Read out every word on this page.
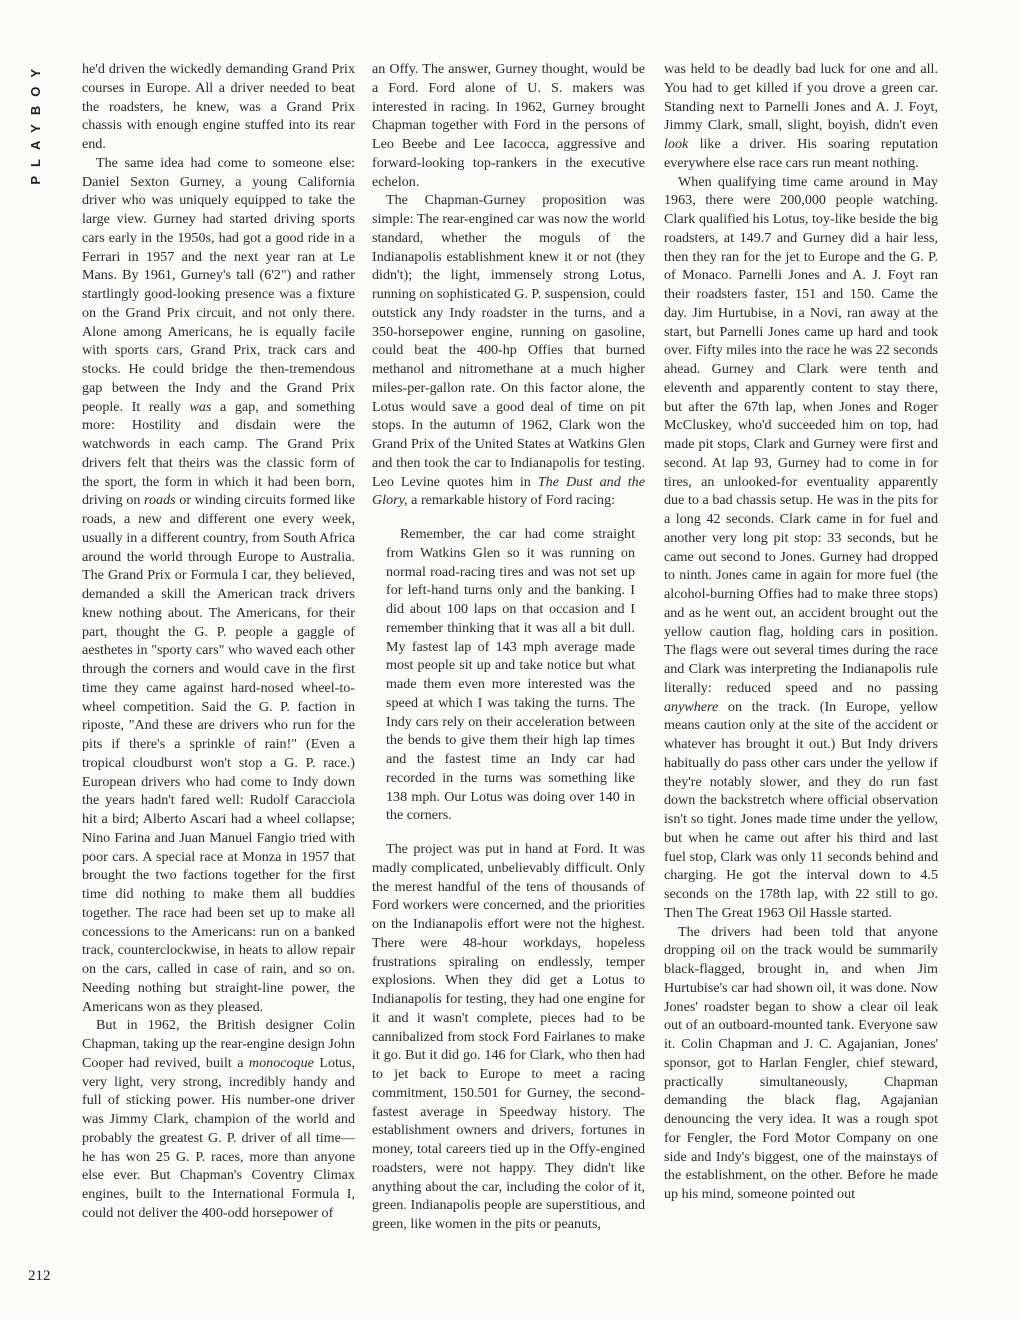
PLAYBOY
212

he'd driven the wickedly demanding Grand Prix courses in Europe. All a driver needed to beat the roadsters, he knew, was a Grand Prix chassis with enough engine stuffed into its rear end.

The same idea had come to someone else: Daniel Sexton Gurney, a young California driver who was uniquely equipped to take the large view. Gurney had started driving sports cars early in the 1950s, had got a good ride in a Ferrari in 1957 and the next year ran at Le Mans. By 1961, Gurney's tall (6'2") and rather startlingly good-looking presence was a fixture on the Grand Prix circuit, and not only there. Alone among Americans, he is equally facile with sports cars, Grand Prix, track cars and stocks. He could bridge the then-tremendous gap between the Indy and the Grand Prix people. It really was a gap, and something more: Hostility and disdain were the watchwords in each camp. The Grand Prix drivers felt that theirs was the classic form of the sport, the form in which it had been born, driving on roads or winding circuits formed like roads, a new and different one every week, usually in a different country, from South Africa around the world through Europe to Australia. The Grand Prix or Formula I car, they believed, demanded a skill the American track drivers knew nothing about. The Americans, for their part, thought the G. P. people a gaggle of aesthetes in "sporty cars" who waved each other through the corners and would cave in the first time they came against hard-nosed wheel-to-wheel competition. Said the G. P. faction in riposte, "And these are drivers who run for the pits if there's a sprinkle of rain!" (Even a tropical cloudburst won't stop a G. P. race.) European drivers who had come to Indy down the years hadn't fared well: Rudolf Caracciola hit a bird; Alberto Ascari had a wheel collapse; Nino Farina and Juan Manuel Fangio tried with poor cars. A special race at Monza in 1957 that brought the two factions together for the first time did nothing to make them all buddies together. The race had been set up to make all concessions to the Americans: run on a banked track, counterclockwise, in heats to allow repair on the cars, called in case of rain, and so on. Needing nothing but straight-line power, the Americans won as they pleased.

But in 1962, the British designer Colin Chapman, taking up the rear-engine design John Cooper had revived, built a monocoque Lotus, very light, very strong, incredibly handy and full of sticking power. His number-one driver was Jimmy Clark, champion of the world and probably the greatest G. P. driver of all time—he has won 25 G. P. races, more than anyone else ever. But Chapman's Coventry Climax engines, built to the International Formula I, could not deliver the 400-odd horsepower of

an Offy. The answer, Gurney thought, would be a Ford. Ford alone of U. S. makers was interested in racing. In 1962, Gurney brought Chapman together with Ford in the persons of Leo Beebe and Lee Iacocca, aggressive and forward-looking top-rankers in the executive echelon.

The Chapman-Gurney proposition was simple: The rear-engined car was now the world standard, whether the moguls of the Indianapolis establishment knew it or not (they didn't); the light, immensely strong Lotus, running on sophisticated G. P. suspension, could outstick any Indy roadster in the turns, and a 350-horsepower engine, running on gasoline, could beat the 400-hp Offies that burned methanol and nitromethane at a much higher miles-per-gallon rate. On this factor alone, the Lotus would save a good deal of time on pit stops. In the autumn of 1962, Clark won the Grand Prix of the United States at Watkins Glen and then took the car to Indianapolis for testing. Leo Levine quotes him in The Dust and the Glory, a remarkable history of Ford racing:

Remember, the car had come straight from Watkins Glen so it was running on normal road-racing tires and was not set up for left-hand turns only and the banking. I did about 100 laps on that occasion and I remember thinking that it was all a bit dull. My fastest lap of 143 mph average made most people sit up and take notice but what made them even more interested was the speed at which I was taking the turns. The Indy cars rely on their acceleration between the bends to give them their high lap times and the fastest time an Indy car had recorded in the turns was something like 138 mph. Our Lotus was doing over 140 in the corners.

The project was put in hand at Ford. It was madly complicated, unbelievably difficult. Only the merest handful of the tens of thousands of Ford workers were concerned, and the priorities on the Indianapolis effort were not the highest. There were 48-hour workdays, hopeless frustrations spiraling on endlessly, temper explosions. When they did get a Lotus to Indianapolis for testing, they had one engine for it and it wasn't complete, pieces had to be cannibalized from stock Ford Fairlanes to make it go. But it did go. 146 for Clark, who then had to jet back to Europe to meet a racing commitment, 150.501 for Gurney, the second-fastest average in Speedway history. The establishment owners and drivers, fortunes in money, total careers tied up in the Offy-engined roadsters, were not happy. They didn't like anything about the car, including the color of it, green. Indianapolis people are superstitious, and green, like women in the pits or peanuts,

was held to be deadly bad luck for one and all. You had to get killed if you drove a green car. Standing next to Parnelli Jones and A. J. Foyt, Jimmy Clark, small, slight, boyish, didn't even look like a driver. His soaring reputation everywhere else race cars run meant nothing.

When qualifying time came around in May 1963, there were 200,000 people watching. Clark qualified his Lotus, toy-like beside the big roadsters, at 149.7 and Gurney did a hair less, then they ran for the jet to Europe and the G. P. of Monaco. Parnelli Jones and A. J. Foyt ran their roadsters faster, 151 and 150. Came the day. Jim Hurtubise, in a Novi, ran away at the start, but Parnelli Jones came up hard and took over. Fifty miles into the race he was 22 seconds ahead. Gurney and Clark were tenth and eleventh and apparently content to stay there, but after the 67th lap, when Jones and Roger McCluskey, who'd succeeded him on top, had made pit stops, Clark and Gurney were first and second. At lap 93, Gurney had to come in for tires, an unlooked-for eventuality apparently due to a bad chassis setup. He was in the pits for a long 42 seconds. Clark came in for fuel and another very long pit stop: 33 seconds, but he came out second to Jones. Gurney had dropped to ninth. Jones came in again for more fuel (the alcohol-burning Offies had to make three stops) and as he went out, an accident brought out the yellow caution flag, holding cars in position. The flags were out several times during the race and Clark was interpreting the Indianapolis rule literally: reduced speed and no passing anywhere on the track. (In Europe, yellow means caution only at the site of the accident or whatever has brought it out.) But Indy drivers habitually do pass other cars under the yellow if they're notably slower, and they do run fast down the backstretch where official observation isn't so tight. Jones made time under the yellow, but when he came out after his third and last fuel stop, Clark was only 11 seconds behind and charging. He got the interval down to 4.5 seconds on the 178th lap, with 22 still to go. Then The Great 1963 Oil Hassle started.

The drivers had been told that anyone dropping oil on the track would be summarily black-flagged, brought in, and when Jim Hurtubise's car had shown oil, it was done. Now Jones' roadster began to show a clear oil leak out of an outboard-mounted tank. Everyone saw it. Colin Chapman and J. C. Agajanian, Jones' sponsor, got to Harlan Fengler, chief steward, practically simultaneously, Chapman demanding the black flag, Agajanian denouncing the very idea. It was a rough spot for Fengler, the Ford Motor Company on one side and Indy's biggest, one of the mainstays of the establishment, on the other. Before he made up his mind, someone pointed out
